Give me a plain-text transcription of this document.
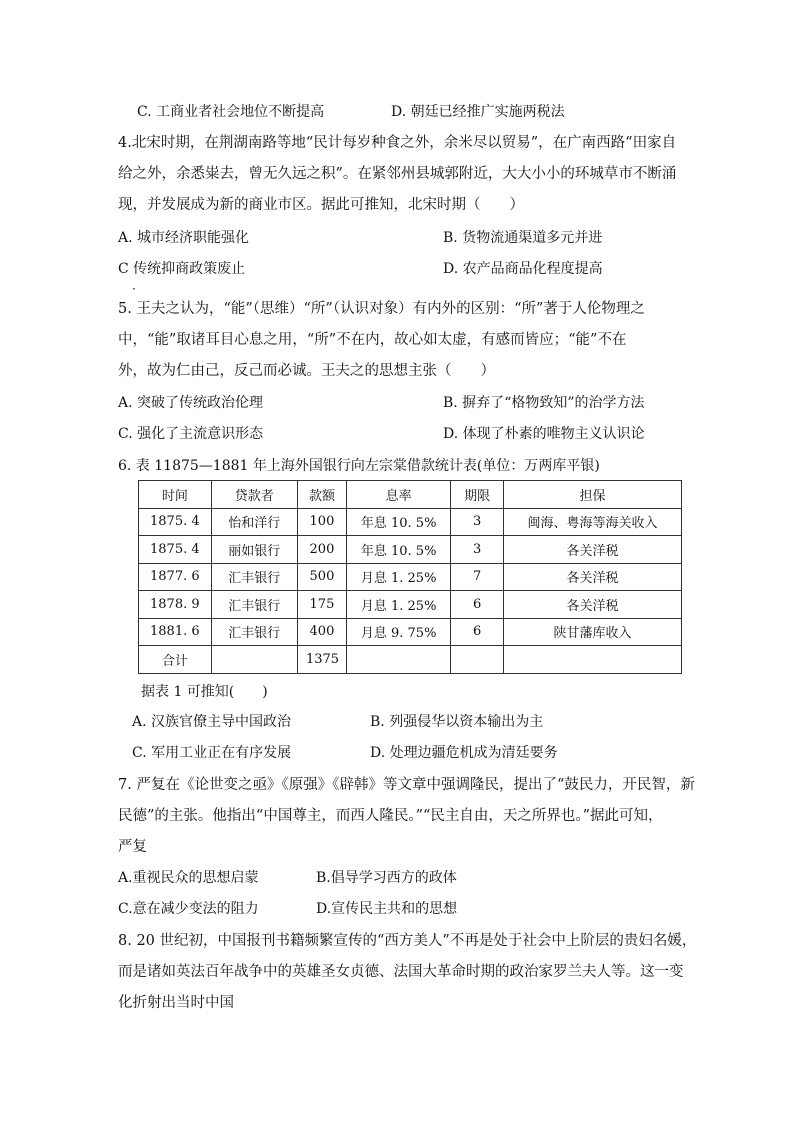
C. 工商业者社会地位不断提高	D. 朝廷已经推广实施两税法
4.北宋时期，在荆湖南路等地“民计每岁种食之外，余米尽以贸易”，在广南西路“田家自
给之外，余悉粜去，曾无久远之积”。在紧邻州县城郭附近，大大小小的环城草市不断涌
现，并发展成为新的商业市区。据此可推知，北宋时期（　　）
A. 城市经济职能强化	B. 货物流通渠道多元并进
C 传统抑商政策废止	D. 农产品商品化程度提高
·
5. 王夫之认为，“能”（思维）“所”（认识对象）有内外的区别：“所”著于人伦物理之
中，“能”取诸耳目心息之用，“所”不在内，故心如太虚，有感而皆应；“能”不在
外，故为仁由己，反己而必诚。王夫之的思想主张（　　）
A. 突破了传统政治伦理	B. 摒弃了“格物致知”的治学方法
C. 强化了主流意识形态	D. 体现了朴素的唯物主义认识论
6. 表 11875—1881 年上海外国银行向左宗棠借款统计表(单位：万两库平银)
时间	贷款者	款额	息率	期限	担保
1875. 4	怡和洋行	100	年息 10. 5%	3	闽海、粤海等海关收入
1875. 4	丽如银行	200	年息 10. 5%	3	各关洋税
1877. 6	汇丰银行	500	月息 1. 25%	7	各关洋税
1878. 9	汇丰银行	175	月息 1. 25%	6	各关洋税
1881. 6	汇丰银行	400	月息 9. 75%	6	陕甘藩库收入
合计		1375			
据表 1 可推知(　　)
A. 汉族官僚主导中国政治	B. 列强侵华以资本输出为主
C. 军用工业正在有序发展	D. 处理边疆危机成为清廷要务
7. 严复在《论世变之亟》《原强》《辟韩》等文章中强调隆民，提出了“鼓民力，开民智，新
民德”的主张。他指出“中国尊主，而西人隆民。”“民主自由，天之所界也。”据此可知，
严复
A.重视民众的思想启蒙	B.倡导学习西方的政体
C.意在减少变法的阻力	D.宣传民主共和的思想
8. 20 世纪初，中国报刊书籍频繁宣传的“西方美人”不再是处于社会中上阶层的贵妇名媛，
而是诸如英法百年战争中的英雄圣女贞德、法国大革命时期的政治家罗兰夫人等。这一变
化折射出当时中国
